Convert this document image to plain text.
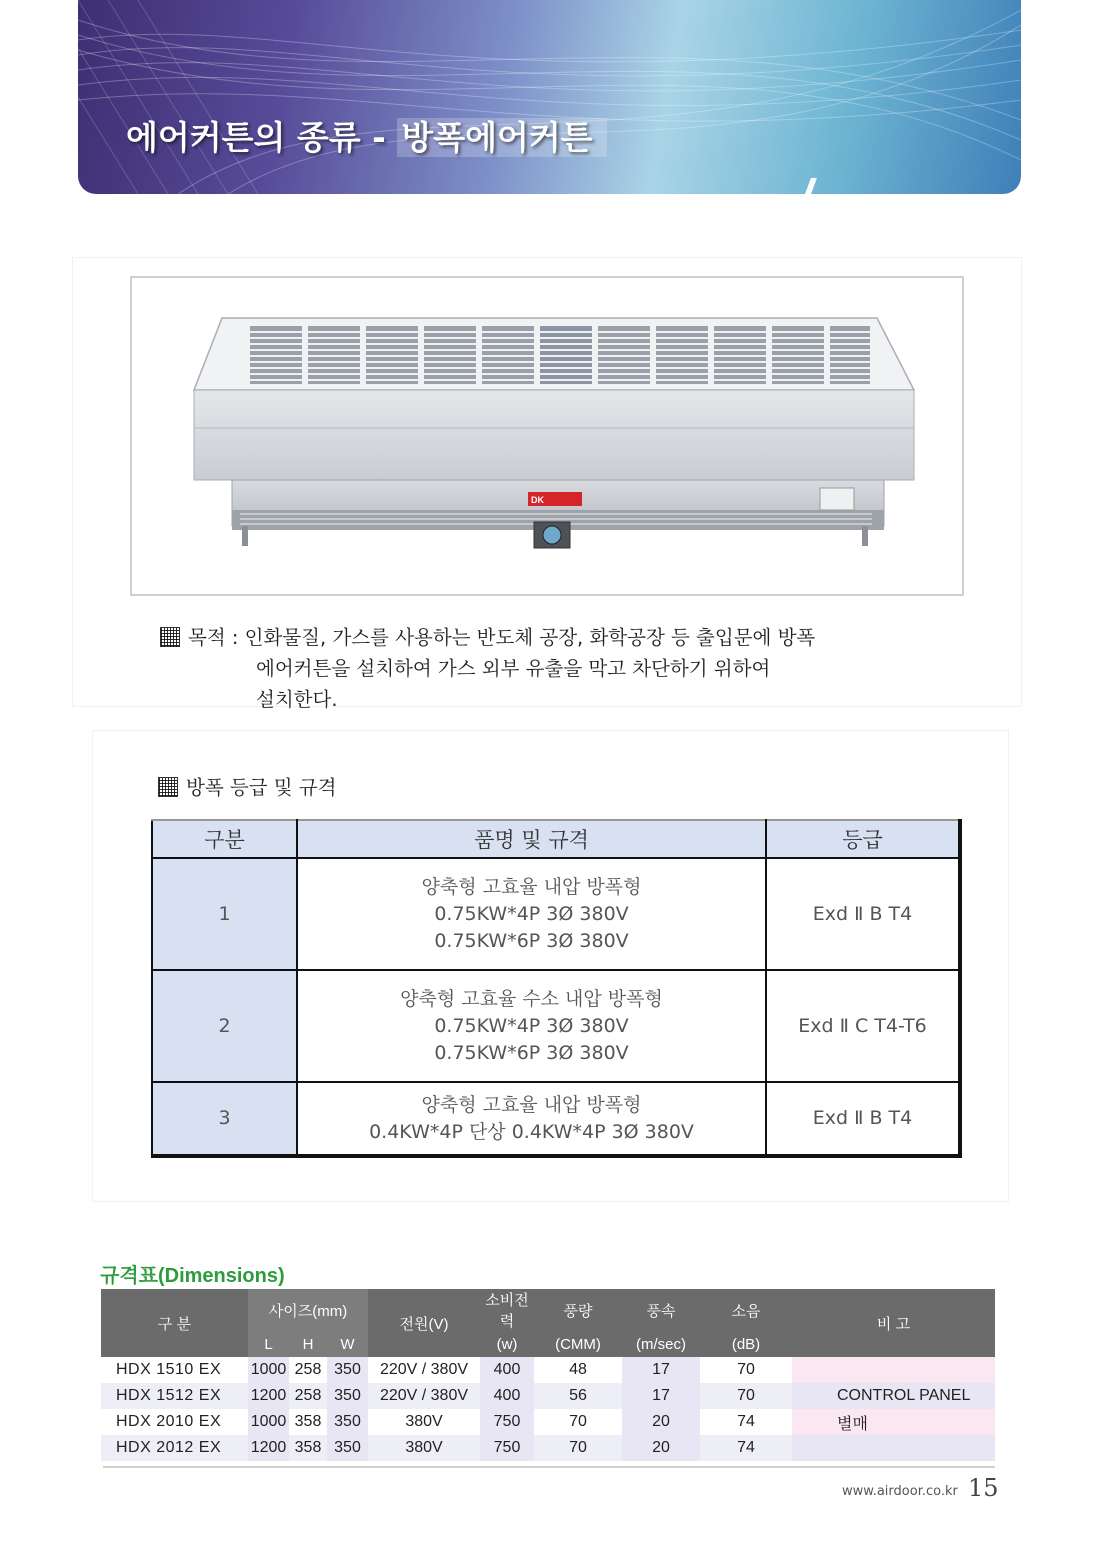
에어커튼의 종류 - 방폭에어커튼
DK
목적 : 인화물질, 가스를 사용하는 반도체 공장, 화학공장 등 출입문에 방폭
에어커튼을 설치하여 가스 외부 유출을 막고 차단하기 위하여
설치한다.
방폭 등급 및 규격
구분	품명 및 규격	등급
1	양축형 고효율 내압 방폭형
0.75KW*4P 3Ø 380V
0.75KW*6P 3Ø 380V	Exd Ⅱ B T4
2	양축형 고효율 수소 내압 방폭형
0.75KW*4P 3Ø 380V
0.75KW*6P 3Ø 380V	Exd Ⅱ C T4-T6
3	양축형 고효율 내압 방폭형
0.4KW*4P 단상 0.4KW*4P 3Ø 380V	Exd Ⅱ B T4
규격표(Dimensions)
구 분	사이즈(mm)			전원(V)	소비전력	풍량	풍속	소음	비 고
	L	H	W		(w)	(CMM)	(m/sec)	(dB)	
HDX 1510 EX	1000	258	350	220V / 380V	400	48	17	70	
HDX 1512 EX	1200	258	350	220V / 380V	400	56	17	70	CONTROL PANEL
HDX 2010 EX	1000	358	350	380V	750	70	20	74	별매
HDX 2012 EX	1200	358	350	380V	750	70	20	74	
www.airdoor.co.kr 15
